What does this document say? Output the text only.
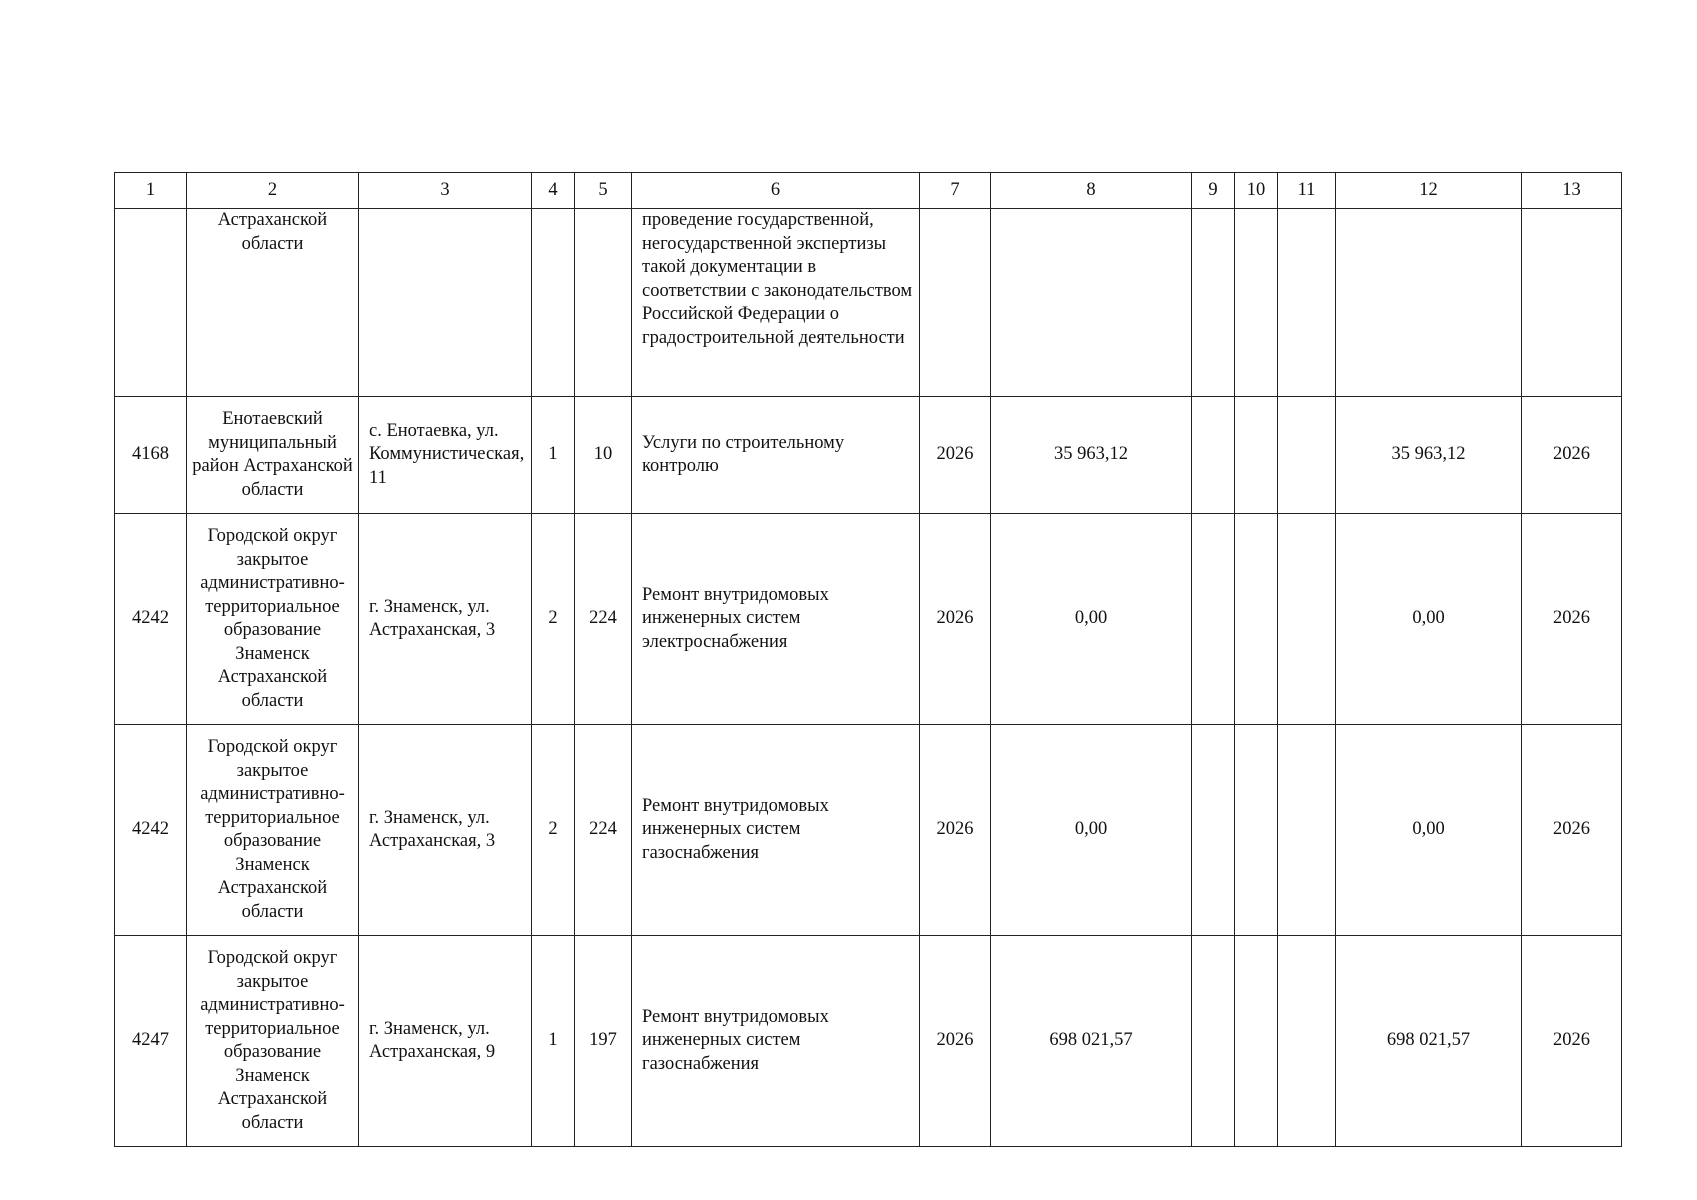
1	2	3	4	5	6	7	8	9	10	11	12	13
	Астраханской области				проведение государственной, негосударственной экспертизы такой документации в соответствии с законодательством Российской Федерации о градостроительной деятельности							
4168	Енотаевский муниципальный район Астраханской области	с. Енотаевка, ул. Коммунистическая, 11	1	10	Услуги по строительному контролю	2026	35 963,12				35 963,12	2026
4242	Городской округ закрытое административно-территориальное образование Знаменск Астраханской области	г. Знаменск, ул. Астраханская, 3	2	224	Ремонт внутридомовых инженерных систем электроснабжения	2026	0,00				0,00	2026
4242	Городской округ закрытое административно-территориальное образование Знаменск Астраханской области	г. Знаменск, ул. Астраханская, 3	2	224	Ремонт внутридомовых инженерных систем газоснабжения	2026	0,00				0,00	2026
4247	Городской округ закрытое административно-территориальное образование Знаменск Астраханской области	г. Знаменск, ул. Астраханская, 9	1	197	Ремонт внутридомовых инженерных систем газоснабжения	2026	698 021,57				698 021,57	2026
